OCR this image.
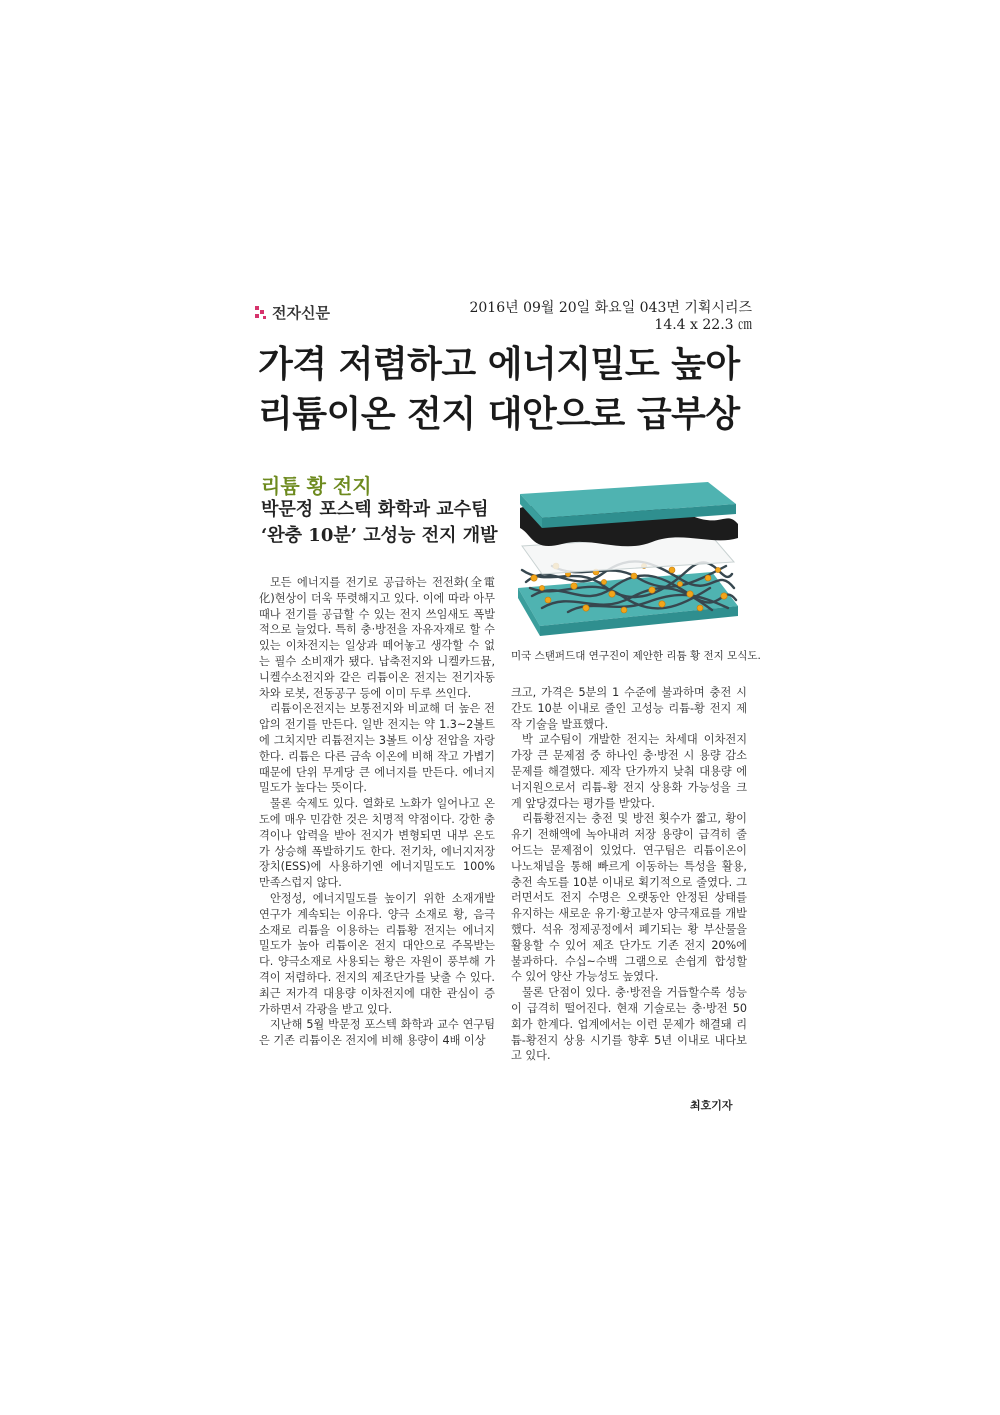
전자신문	2016년 09월 20일 화요일 043면 기획시리즈
14.4 x 22.3 ㎝
가격 저렴하고 에너지밀도 높아
리튬이온 전지 대안으로 급부상
리튬 황 전지
박문정 포스텍 화학과 교수팀
‘완충 10분’ 고성능 전지 개발
미국 스탠퍼드대 연구진이 제안한 리튬 황 전지 모식도.

모든 에너지를 전기로 공급하는 전전화(全電化)현상이 더욱 뚜렷해지고 있다. 이에 따라 아무 때나 전기를 공급할 수 있는 전지 쓰임새도 폭발적으로 늘었다. 특히 충·방전을 자유자재로 할 수 있는 이차전지는 일상과 떼어놓고 생각할 수 없는 필수 소비재가 됐다. 납축전지와 니켈카드뮴, 니켈수소전지와 같은 리튬이온 전지는 전기자동차와 로봇, 전동공구 등에 이미 두루 쓰인다.

리튬이온전지는 보통전지와 비교해 더 높은 전압의 전기를 만든다. 일반 전지는 약 1.3~2볼트에 그치지만 리튬전지는 3볼트 이상 전압을 자랑한다. 리튬은 다른 금속 이온에 비해 작고 가볍기 때문에 단위 무게당 큰 에너지를 만든다. 에너지밀도가 높다는 뜻이다.

물론 숙제도 있다. 열화로 노화가 일어나고 온도에 매우 민감한 것은 치명적 약점이다. 강한 충격이나 압력을 받아 전지가 변형되면 내부 온도가 상승해 폭발하기도 한다. 전기차, 에너지저장장치(ESS)에 사용하기엔 에너지밀도도 100% 만족스럽지 않다.

안정성, 에너지밀도를 높이기 위한 소재개발 연구가 계속되는 이유다. 양극 소재로 황, 음극 소재로 리튬을 이용하는 리튬황 전지는 에너지 밀도가 높아 리튬이온 전지 대안으로 주목받는다. 양극소재로 사용되는 황은 자원이 풍부해 가격이 저렴하다. 전지의 제조단가를 낮출 수 있다. 최근 저가격 대용량 이차전지에 대한 관심이 증가하면서 각광을 받고 있다.

지난해 5월 박문정 포스텍 화학과 교수 연구팀은 기존 리튬이온 전지에 비해 용량이 4배 이상

크고, 가격은 5분의 1 수준에 불과하며 충전 시간도 10분 이내로 줄인 고성능 리튬-황 전지 제작 기술을 발표했다.

박 교수팀이 개발한 전지는 차세대 이차전지 가장 큰 문제점 중 하나인 충·방전 시 용량 감소 문제를 해결했다. 제작 단가까지 낮춰 대용량 에너지원으로서 리튬-황 전지 상용화 가능성을 크게 앞당겼다는 평가를 받았다.

리튬황전지는 충전 및 방전 횟수가 짧고, 황이 유기 전해액에 녹아내려 저장 용량이 급격히 줄어드는 문제점이 있었다. 연구팀은 리튬이온이 나노채널을 통해 빠르게 이동하는 특성을 활용, 충전 속도를 10분 이내로 획기적으로 줄였다. 그러면서도 전지 수명은 오랫동안 안정된 상태를 유지하는 새로운 유기·황고분자 양극재료를 개발했다. 석유 정제공정에서 폐기되는 황 부산물을 활용할 수 있어 제조 단가도 기존 전지 20%에 불과하다. 수십~수백 그램으로 손쉽게 합성할 수 있어 양산 가능성도 높였다.

물론 단점이 있다. 충·방전을 거듭할수록 성능이 급격히 떨어진다. 현재 기술로는 충·방전 50회가 한계다. 업계에서는 이런 문제가 해결돼 리튬-황전지 상용 시기를 향후 5년 이내로 내다보고 있다.

최호기자
